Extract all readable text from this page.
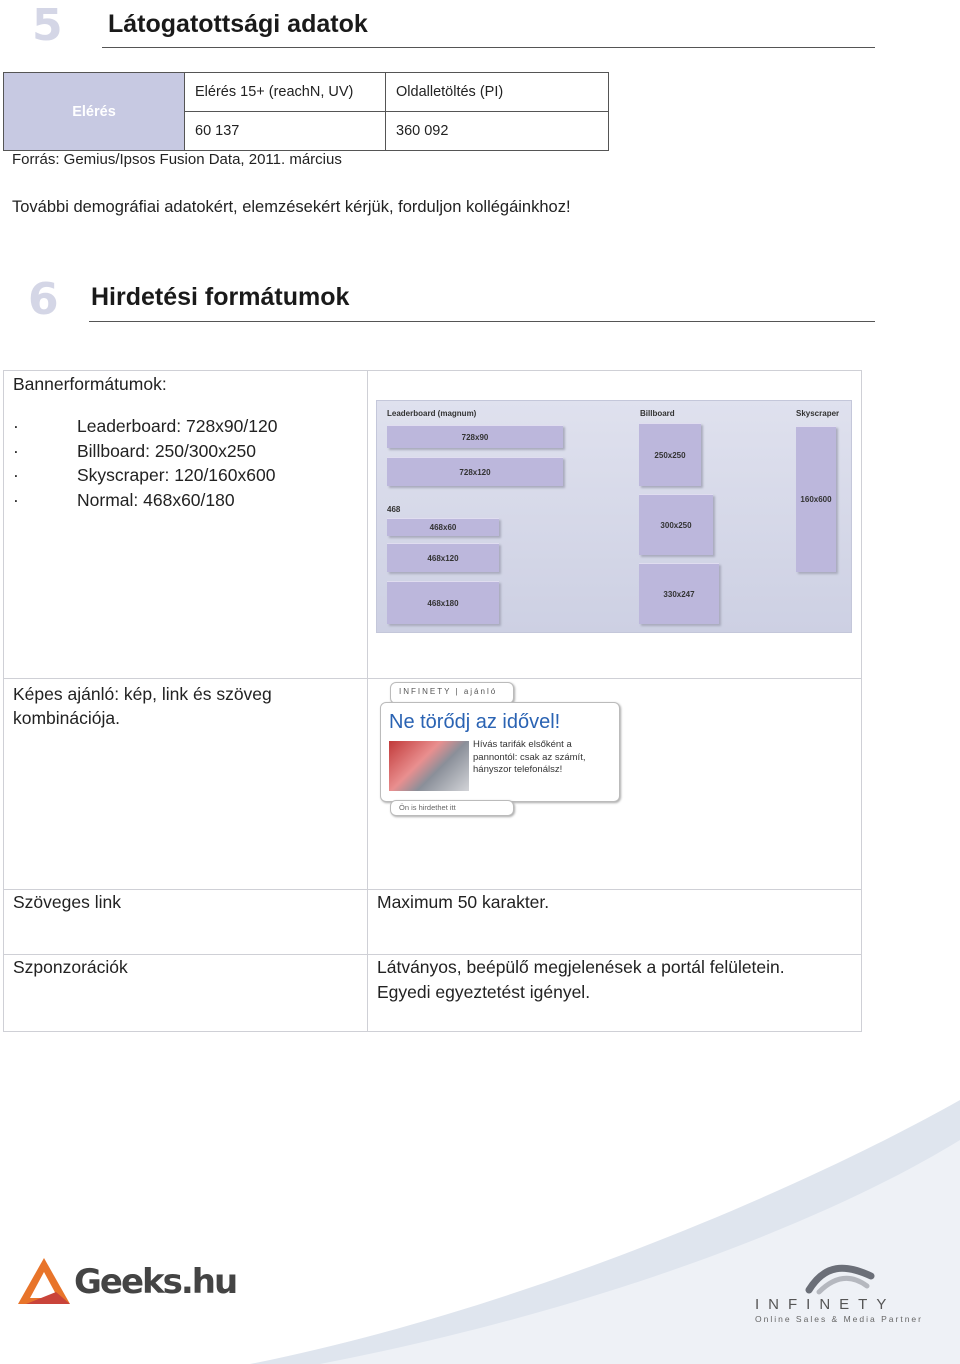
5 Látogatottsági adatok
Elérés	Elérés 15+ (reachN, UV)	Oldalletöltés (PI)
	60 137	360 092
Forrás: Gemius/Ipsos Fusion Data, 2011. március
További demográfiai adatokért, elemzésekért kérjük, forduljon kollégáinkhoz!
6 Hirdetési formátumok
Bannerformátumok:
· Leaderboard: 728x90/120
· Billboard: 250/300x250
· Skyscraper: 120/160x600
· Normal: 468x60/180
Leaderboard (magnum)	Billboard	Skyscraper
728x90
728x120
468
468x60
468x120
468x180
250x250
300x250
330x247
160x600
Képes ajánló: kép, link és szöveg kombinációja.
INFINETY | ajánló
Ne törődj az idővel!
Hívás tarifák elsőként a pannontól: csak az számít, hányszor telefonálsz!
Ön is hirdethet itt
Szöveges link	Maximum 50 karakter.
Szponzorációk	Látványos, beépülő megjelenések a portál felületein.
Egyedi egyeztetést igényel.
Geeks.hu
INFINETY
Online Sales & Media Partner
